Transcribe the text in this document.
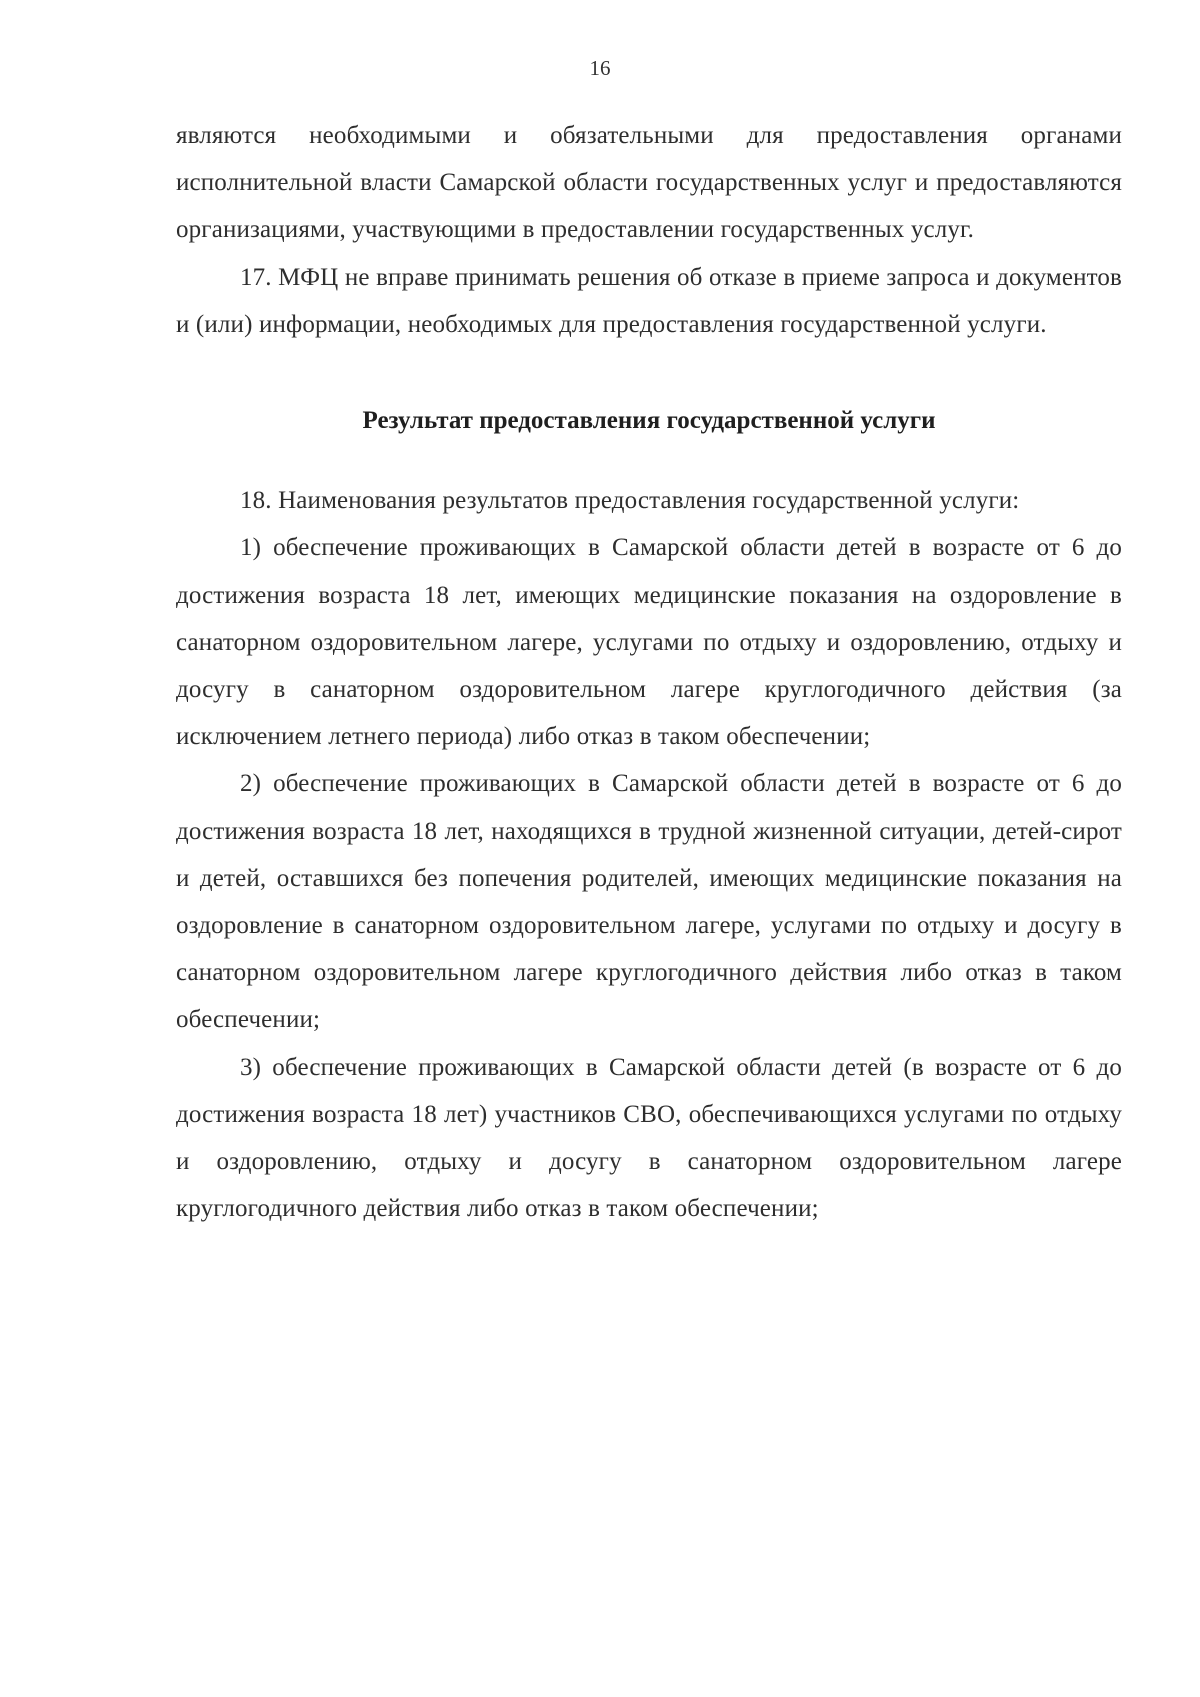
16

являются необходимыми и обязательными для предоставления органами исполнительной власти Самарской области государственных услуг и предоставляются организациями, участвующими в предоставлении государственных услуг.

17. МФЦ не вправе принимать решения об отказе в приеме запроса и документов и (или) информации, необходимых для предоставления государственной услуги.

Результат предоставления государственной услуги

18. Наименования результатов предоставления государственной услуги:

1) обеспечение проживающих в Самарской области детей в возрасте от 6 до достижения возраста 18 лет, имеющих медицинские показания на оздоровление в санаторном оздоровительном лагере, услугами по отдыху и оздоровлению, отдыху и досугу в санаторном оздоровительном лагере круглогодичного действия (за исключением летнего периода) либо отказ в таком обеспечении;

2) обеспечение проживающих в Самарской области детей в возрасте от 6 до достижения возраста 18 лет, находящихся в трудной жизненной ситуации, детей-сирот и детей, оставшихся без попечения родителей, имеющих медицинские показания на оздоровление в санаторном оздоровительном лагере, услугами по отдыху и досугу в санаторном оздоровительном лагере круглогодичного действия либо отказ в таком обеспечении;

3) обеспечение проживающих в Самарской области детей (в возрасте от 6 до достижения возраста 18 лет) участников СВО, обеспечивающихся услугами по отдыху и оздоровлению, отдыху и досугу в санаторном оздоровительном лагере круглогодичного действия либо отказ в таком обеспечении;
